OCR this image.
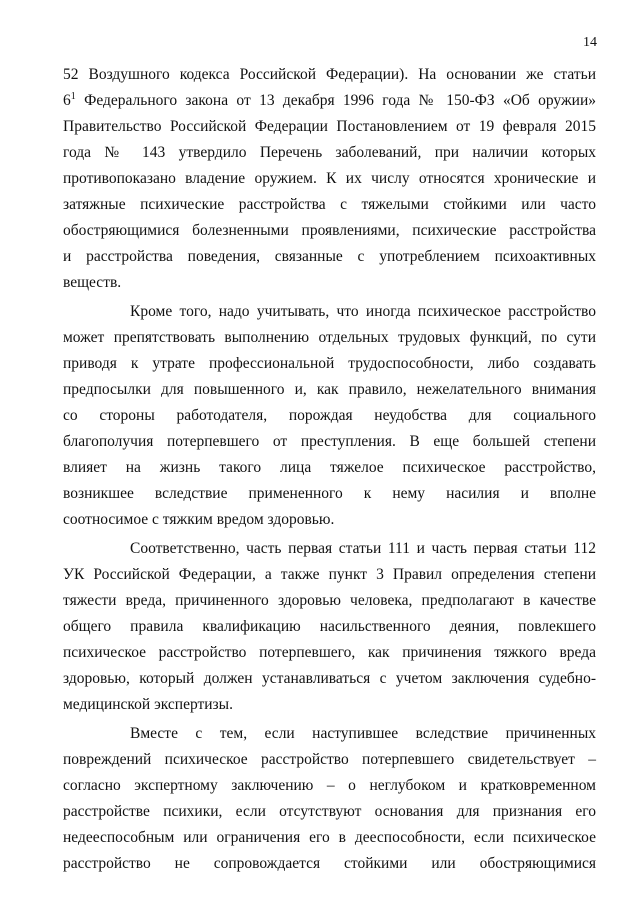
14
52 Воздушного кодекса Российской Федерации). На основании же статьи
$6^1$ Федерального закона от 13 декабря 1996 года № 150-ФЗ «Об оружии»
Правительство Российской Федерации Постановлением от 19 февраля 2015
года № 143 утвердило Перечень заболеваний, при наличии которых
противопоказано владение оружием. К их числу относятся хронические и
затяжные психические расстройства с тяжелыми стойкими или часто
обостряющимися болезненными проявлениями, психические расстройства
и расстройства поведения, связанные с употреблением психоактивных
веществ.
Кроме того, надо учитывать, что иногда психическое расстройство
может препятствовать выполнению отдельных трудовых функций, по сути
приводя к утрате профессиональной трудоспособности, либо создавать
предпосылки для повышенного и, как правило, нежелательного внимания
со стороны работодателя, порождая неудобства для социального
благополучия потерпевшего от преступления. В еще большей степени
влияет на жизнь такого лица тяжелое психическое расстройство,
возникшее вследствие примененного к нему насилия и вполне
соотносимое с тяжким вредом здоровью.
Соответственно, часть первая статьи 111 и часть первая статьи 112
УК Российской Федерации, а также пункт 3 Правил определения степени
тяжести вреда, причиненного здоровью человека, предполагают в качестве
общего правила квалификацию насильственного деяния, повлекшего
психическое расстройство потерпевшего, как причинения тяжкого вреда
здоровью, который должен устанавливаться с учетом заключения судебно-
медицинской экспертизы.
Вместе с тем, если наступившее вследствие причиненных
повреждений психическое расстройство потерпевшего свидетельствует –
согласно экспертному заключению – о неглубоком и кратковременном
расстройстве психики, если отсутствуют основания для признания его
недееспособным или ограничения его в дееспособности, если психическое
расстройство не сопровождается стойкими или обостряющимися
